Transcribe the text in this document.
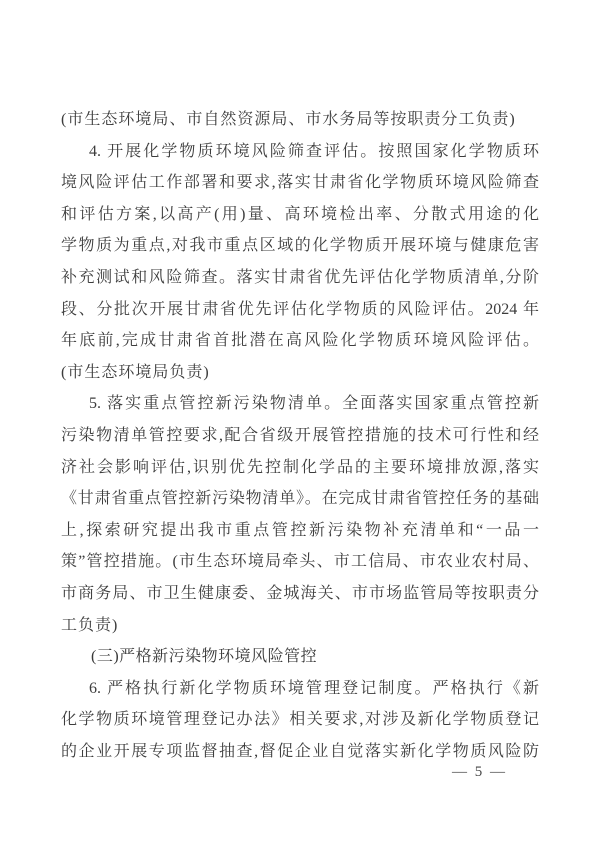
(市生态环境局、市自然资源局、市水务局等按职责分工负责)
4. 开展化学物质环境风险筛查评估。按照国家化学物质环
境风险评估工作部署和要求,落实甘肃省化学物质环境风险筛查
和评估方案,以高产(用)量、高环境检出率、分散式用途的化
学物质为重点,对我市重点区域的化学物质开展环境与健康危害
补充测试和风险筛查。落实甘肃省优先评估化学物质清单,分阶
段、分批次开展甘肃省优先评估化学物质的风险评估。2024 年
年底前,完成甘肃省首批潜在高风险化学物质环境风险评估。
(市生态环境局负责)
5. 落实重点管控新污染物清单。全面落实国家重点管控新
污染物清单管控要求,配合省级开展管控措施的技术可行性和经
济社会影响评估,识别优先控制化学品的主要环境排放源,落实
《甘肃省重点管控新污染物清单》。在完成甘肃省管控任务的基础
上,探索研究提出我市重点管控新污染物补充清单和“一品一
策”管控措施。(市生态环境局牵头、市工信局、市农业农村局、
市商务局、市卫生健康委、金城海关、市市场监管局等按职责分
工负责)
(三)严格新污染物环境风险管控
6. 严格执行新化学物质环境管理登记制度。严格执行《新
化学物质环境管理登记办法》相关要求,对涉及新化学物质登记
的企业开展专项监督抽查,督促企业自觉落实新化学物质风险防
— 5 —
